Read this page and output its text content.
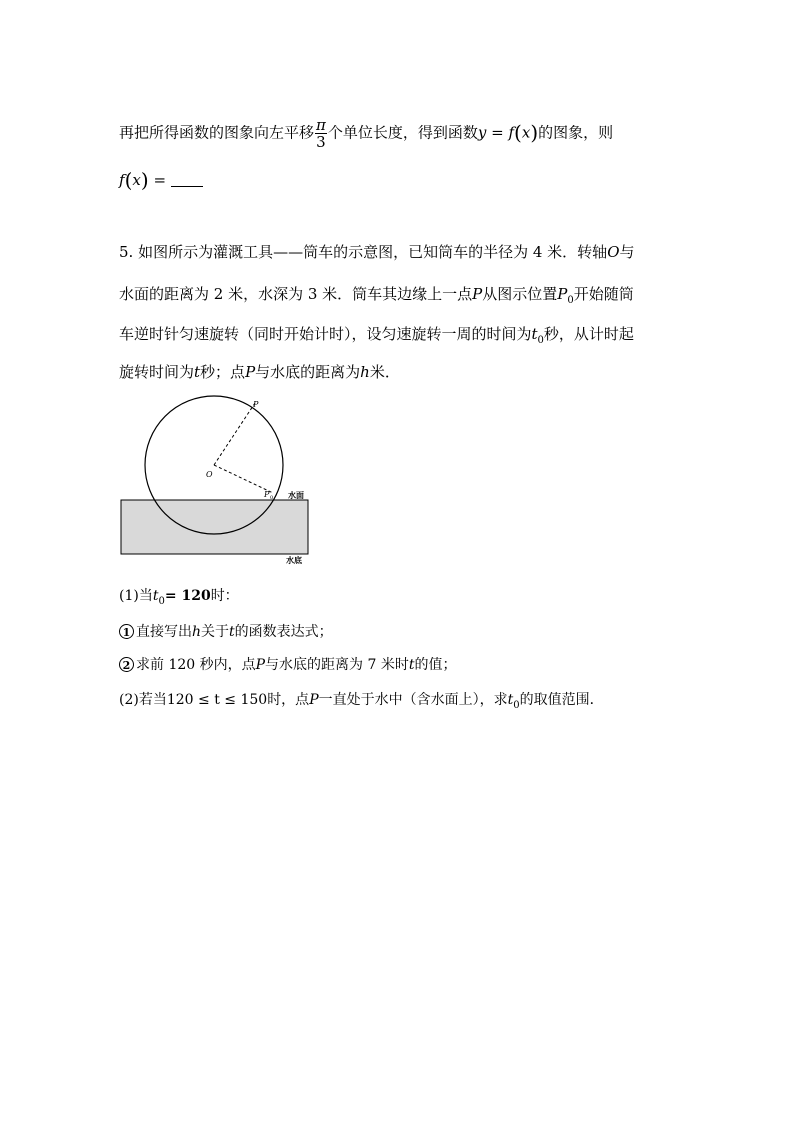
再把所得函数的图象向左平移 $\frac{\pi}{3}$ 个单位长度，得到函数y = f(x)的图象，则
f(x) =
5. 如图所示为灌溉工具——筒车的示意图，已知筒车的半径为 4 米．转轴O与
水面的距离为 2 米，水深为 3 米．筒车其边缘上一点P从图示位置$P_0$开始随筒
车逆时针匀速旋转（同时开始计时），设匀速旋转一周的时间为$t_0$秒，从计时起
旋转时间为t秒；点P与水底的距离为h米．
P
O
P 0 水面
水底
(1)当$t_0= 120$时：
1 直接写出h关于t的函数表达式；
2 求前 120 秒内，点P与水底的距离为 7 米时t的值；
(2)若当120 ≤ t ≤ 150时，点P一直处于水中（含水面上），求$t_0$的取值范围．
